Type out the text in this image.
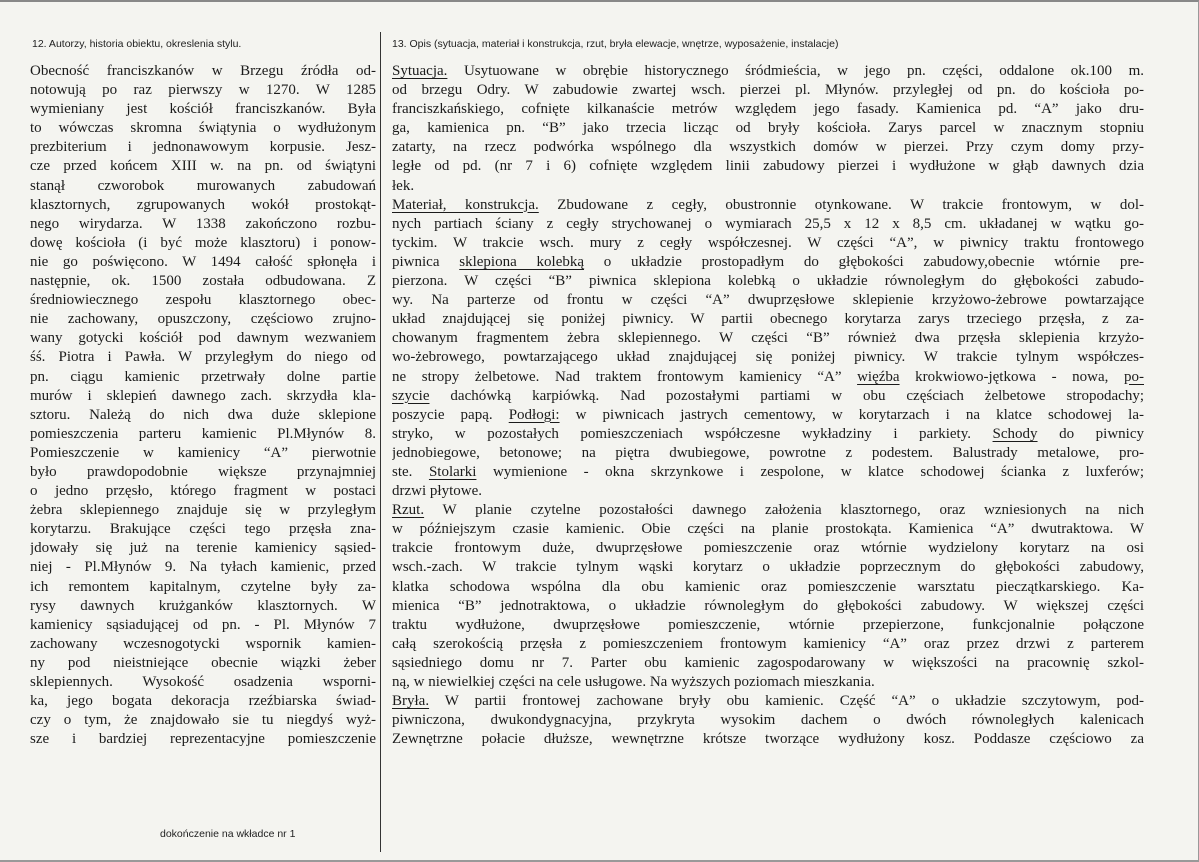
12. Autorzy, historia obiektu, okreslenia stylu.	13. Opis (sytuacja, materiał i konstrukcja, rzut, bryła elewacje, wnętrze, wyposażenie, instalacje)
Obecność franciszkanów w Brzegu źródła od-
notowują po raz pierwszy w 1270. W 1285
wymieniany jest kościół franciszkanów. Była
to wówczas skromna świątynia o wydłużonym
prezbiterium i jednonawowym korpusie. Jesz-
cze przed końcem XIII w. na pn. od świątyni
stanął czworobok murowanych zabudowań
klasztornych, zgrupowanych wokół prostokąt-
nego wirydarza. W 1338 zakończono rozbu-
dowę kościoła (i być może klasztoru) i ponow-
nie go poświęcono. W 1494 całość spłonęła i
następnie, ok. 1500 została odbudowana. Z
średniowiecznego zespołu klasztornego obec-
nie zachowany, opuszczony, częściowo zrujno-
wany gotycki kościół pod dawnym wezwaniem
śś. Piotra i Pawła. W przyległym do niego od
pn. ciągu kamienic przetrwały dolne partie
murów i sklepień dawnego zach. skrzydła kla-
sztoru. Należą do nich dwa duże sklepione
pomieszczenia parteru kamienic Pl.Młynów 8.
Pomieszczenie w kamienicy “A” pierwotnie
było prawdopodobnie większe przynajmniej
o jedno przęsło, którego fragment w postaci
żebra sklepiennego znajduje się w przyległym
korytarzu. Brakujące części tego przęsła zna-
jdowały się już na terenie kamienicy sąsied-
niej - Pl.Młynów 9. Na tyłach kamienic, przed
ich remontem kapitalnym, czytelne były za-
rysy dawnych krużganków klasztornych. W
kamienicy sąsiadującej od pn. - Pl. Młynów 7
zachowany wczesnogotycki wspornik kamien-
ny pod nieistniejące obecnie wiązki żeber
sklepiennych. Wysokość osadzenia wsporni-
ka, jego bogata dekoracja rzeźbiarska świad-
czy o tym, że znajdowało sie tu niegdyś wyż-
sze i bardziej reprezentacyjne pomieszczenie
Sytuacja. Usytuowane w obrębie historycznego śródmieścia, w jego pn. części, oddalone ok.100 m.
od brzegu Odry. W zabudowie zwartej wsch. pierzei pl. Młynów. przyległej od pn. do kościoła po-
franciszkańskiego, cofnięte kilkanaście metrów względem jego fasady. Kamienica pd. “A” jako dru-
ga, kamienica pn. “B” jako trzecia licząc od bryły kościoła. Zarys parcel w znacznym stopniu
zatarty, na rzecz podwórka wspólnego dla wszystkich domów w pierzei. Przy czym domy przy-
ległe od pd. (nr 7 i 6) cofnięte względem linii zabudowy pierzei i wydłużone w głąb dawnych dzia
łek.
Materiał, konstrukcja. Zbudowane z cegły, obustronnie otynkowane. W trakcie frontowym, w dol-
nych partiach ściany z cegły strychowanej o wymiarach 25,5 x 12 x 8,5 cm. układanej w wątku go-
tyckim. W trakcie wsch. mury z cegły współczesnej. W części “A”, w piwnicy traktu frontowego
piwnica sklepiona kolebką o układzie prostopadłym do głębokości zabudowy,obecnie wtórnie pre-
pierzona. W części “B” piwnica sklepiona kolebką o układzie równoległym do głębokości zabudo-
wy. Na parterze od frontu w części “A” dwuprzęsłowe sklepienie krzyżowo-żebrowe powtarzające
układ znajdującej się poniżej piwnicy. W partii obecnego korytarza zarys trzeciego przęsła, z za-
chowanym fragmentem żebra sklepiennego. W części “B” również dwa przęsła sklepienia krzyżo-
wo-żebrowego, powtarzającego układ znajdującej się poniżej piwnicy. W trakcie tylnym współczes-
ne stropy żelbetowe. Nad traktem frontowym kamienicy “A” więźba krokwiowo-jętkowa - nowa, po-
szycie dachówką karpiówką. Nad pozostałymi partiami w obu częściach żelbetowe stropodachy;
poszycie papą. Podłogi: w piwnicach jastrych cementowy, w korytarzach i na klatce schodowej la-
stryko, w pozostałych pomieszczeniach współczesne wykładziny i parkiety. Schody do piwnicy
jednobiegowe, betonowe; na piętra dwubiegowe, powrotne z podestem. Balustrady metalowe, pro-
ste. Stolarki wymienione - okna skrzynkowe i zespolone, w klatce schodowej ścianka z luxferów;
drzwi płytowe.
Rzut. W planie czytelne pozostałości dawnego założenia klasztornego, oraz wzniesionych na nich
w późniejszym czasie kamienic. Obie części na planie prostokąta. Kamienica “A” dwutraktowa. W
trakcie frontowym duże, dwuprzęsłowe pomieszczenie oraz wtórnie wydzielony korytarz na osi
wsch.-zach. W trakcie tylnym wąski korytarz o układzie poprzecznym do głębokości zabudowy,
klatka schodowa wspólna dla obu kamienic oraz pomieszczenie warsztatu pieczątkarskiego. Ka-
mienica “B” jednotraktowa, o układzie równoległym do głębokości zabudowy. W większej części
traktu wydłużone, dwuprzęsłowe pomieszczenie, wtórnie przepierzone, funkcjonalnie połączone
całą szerokością przęsła z pomieszczeniem frontowym kamienicy “A” oraz przez drzwi z parterem
sąsiedniego domu nr 7. Parter obu kamienic zagospodarowany w większości na pracownię szkol-
ną, w niewielkiej części na cele usługowe. Na wyższych poziomach mieszkania.
Bryła. W partii frontowej zachowane bryły obu kamienic. Część “A” o układzie szczytowym, pod-
piwniczona, dwukondygnacyjna, przykryta wysokim dachem o dwóch równoległych kalenicach
Zewnętrzne połacie dłuższe, wewnętrzne krótsze tworzące wydłużony kosz. Poddasze częściowo za
dokończenie na wkładce nr 1
